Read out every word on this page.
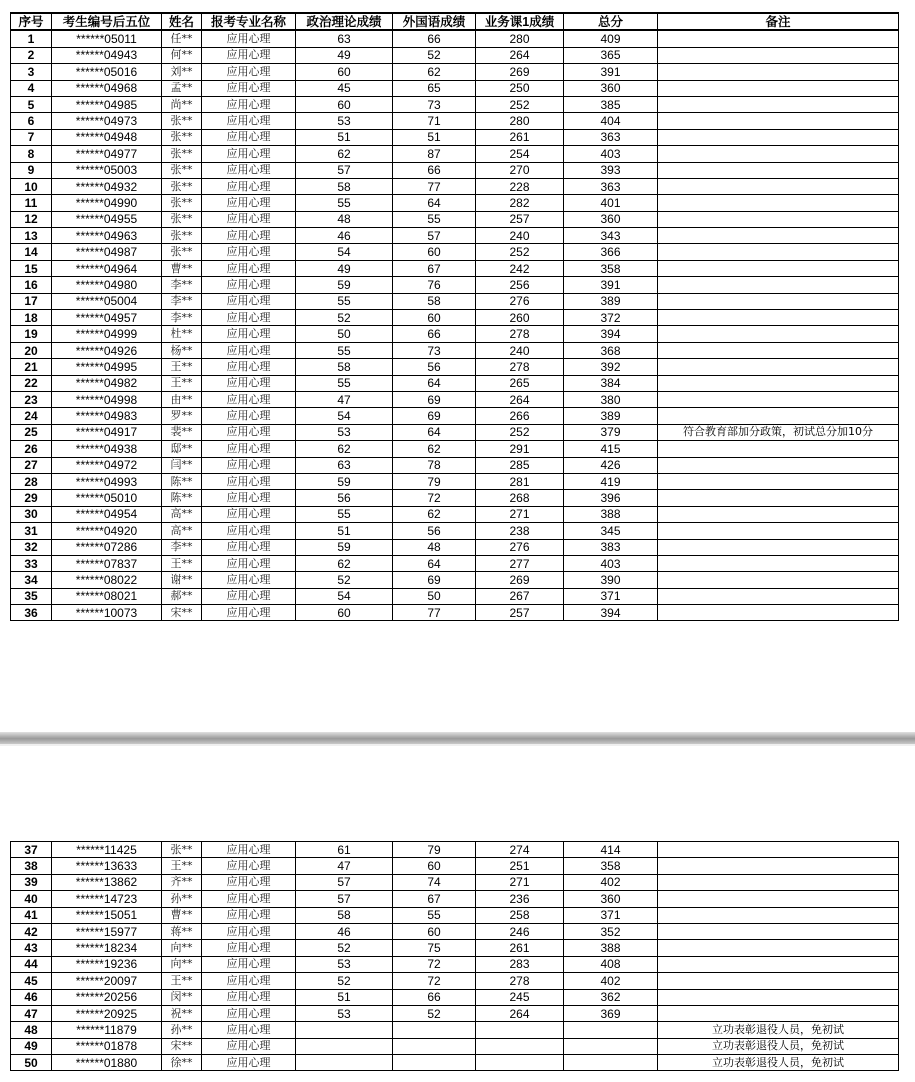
序号	考生编号后五位	姓名	报考专业名称	政治理论成绩	外国语成绩	业务课1成绩	总分	备注
1	******05011	任**	应用心理	63	66	280	409	
2	******04943	何**	应用心理	49	52	264	365	
3	******05016	刘**	应用心理	60	62	269	391	
4	******04968	孟**	应用心理	45	65	250	360	
5	******04985	尚**	应用心理	60	73	252	385	
6	******04973	张**	应用心理	53	71	280	404	
7	******04948	张**	应用心理	51	51	261	363	
8	******04977	张**	应用心理	62	87	254	403	
9	******05003	张**	应用心理	57	66	270	393	
10	******04932	张**	应用心理	58	77	228	363	
11	******04990	张**	应用心理	55	64	282	401	
12	******04955	张**	应用心理	48	55	257	360	
13	******04963	张**	应用心理	46	57	240	343	
14	******04987	张**	应用心理	54	60	252	366	
15	******04964	曹**	应用心理	49	67	242	358	
16	******04980	李**	应用心理	59	76	256	391	
17	******05004	李**	应用心理	55	58	276	389	
18	******04957	李**	应用心理	52	60	260	372	
19	******04999	杜**	应用心理	50	66	278	394	
20	******04926	杨**	应用心理	55	73	240	368	
21	******04995	王**	应用心理	58	56	278	392	
22	******04982	王**	应用心理	55	64	265	384	
23	******04998	由**	应用心理	47	69	264	380	
24	******04983	罗**	应用心理	54	69	266	389	
25	******04917	裴**	应用心理	53	64	252	379	符合教育部加分政策，初试总分加10分
26	******04938	邸**	应用心理	62	62	291	415	
27	******04972	闫**	应用心理	63	78	285	426	
28	******04993	陈**	应用心理	59	79	281	419	
29	******05010	陈**	应用心理	56	72	268	396	
30	******04954	高**	应用心理	55	62	271	388	
31	******04920	高**	应用心理	51	56	238	345	
32	******07286	李**	应用心理	59	48	276	383	
33	******07837	王**	应用心理	62	64	277	403	
34	******08022	谢**	应用心理	52	69	269	390	
35	******08021	郝**	应用心理	54	50	267	371	
36	******10073	宋**	应用心理	60	77	257	394	
37	******11425	张**	应用心理	61	79	274	414	
38	******13633	王**	应用心理	47	60	251	358	
39	******13862	齐**	应用心理	57	74	271	402	
40	******14723	孙**	应用心理	57	67	236	360	
41	******15051	曹**	应用心理	58	55	258	371	
42	******15977	蒋**	应用心理	46	60	246	352	
43	******18234	向**	应用心理	52	75	261	388	
44	******19236	向**	应用心理	53	72	283	408	
45	******20097	王**	应用心理	52	72	278	402	
46	******20256	闵**	应用心理	51	66	245	362	
47	******20925	祝**	应用心理	53	52	264	369	
48	******11879	孙**	应用心理					立功表彰退役人员，免初试
49	******01878	宋**	应用心理					立功表彰退役人员，免初试
50	******01880	徐**	应用心理					立功表彰退役人员，免初试
